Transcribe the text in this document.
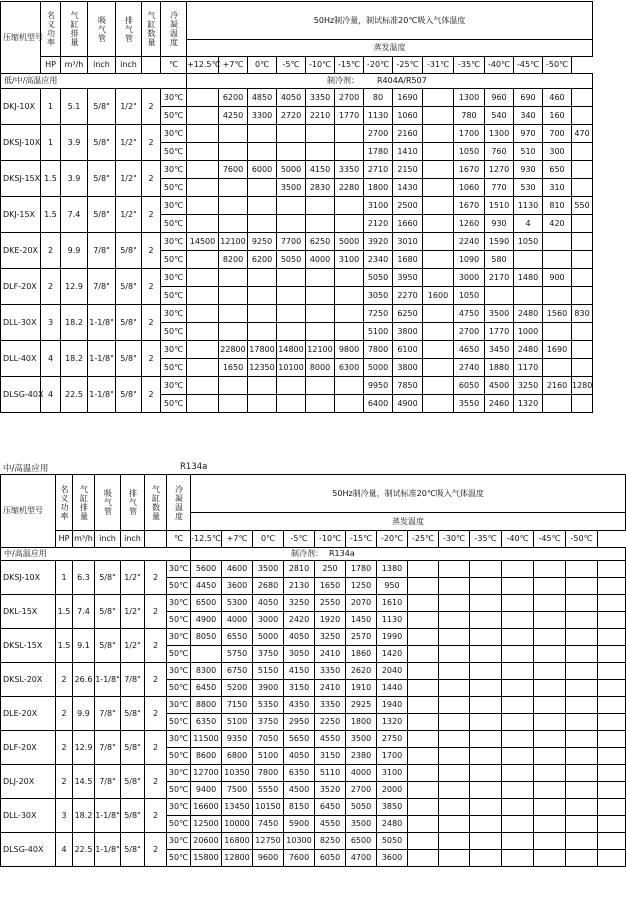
压缩机型号	名义功率	气缸排量	吸气管	排气管	气缸数量	冷凝温度	50Hz制冷量，制试标准20℃吸入气体温度													
							蒸发温度													
	HP	m³/h	inch	inch		℃	+12.5℃	+7℃	0℃	-5℃	-10℃	-15℃	-20℃	-25℃	-31℃	-35℃	-40℃	-45℃	-50℃	
低/中/高温应用							制冷剂： R404A/R507													
DKJ-10X	1	5.1	5/8"	1/2"	2	30℃		6200	4850	4050	3350	2700	80	1690		1300	960	690	460	
						50℃		4250	3300	2720	2210	1770	1130	1060		780	540	340	160	
DKSJ-10X	1	3.9	5/8"	1/2"	2	30℃							2700	2160		1700	1300	970	700	470
						50℃							1780	1410		1050	760	510	300	
DKSJ-15X	1.5	3.9	5/8"	1/2"	2	30℃		7600	6000	5000	4150	3350	2710	2150		1670	1270	930	650	
						50℃				3500	2830	2280	1800	1430		1060	770	530	310	
DKJ-15X	1.5	7.4	5/8"	1/2"	2	30℃							3100	2500		1670	1510	1130	810	550
						50℃							2120	1660		1260	930	4	420	
DKE-20X	2	9.9	7/8"	5/8"	2	30℃	14500	12100	9250	7700	6250	5000	3920	3010		2240	1590	1050		
						50℃		8200	6200	5050	4000	3100	2340	1680		1090	580			
DLF-20X	2	12.9	7/8"	5/8"	2	30℃							5050	3950		3000	2170	1480	900	
						50℃							3050	2270	1600	1050				
DLL-30X	3	18.2	1-1/8"	5/8"	2	30℃							7250	6250		4750	3500	2480	1560	830
						50℃							5100	3800		2700	1770	1000		
DLL-40X	4	18.2	1-1/8"	5/8"	2	30℃		22800	17800	14800	12100	9800	7800	6100		4650	3450	2480	1690	
						50℃		1650	12350	10100	8000	6300	5000	3800		2740	1880	1170		
DLSG-40X	4	22.5	1-1/8"	5/8"	2	30℃							9950	7850		6050	4500	3250	2160	1280
						50℃							6400	4900		3550	2460	1320		
中/高温应用	R134a
压缩机型号	名义功率	气缸排量	吸气管	排气管	气缸数量	冷凝温度	50Hz制冷量，制试标准20℃吸入气体温度													
							蒸发温度													
	HP	m³/h	inch	inch		℃	-12.5℃	+7℃	0℃	-5℃	-10℃	-15℃	-20℃	-25℃	-30℃	-35℃	-40℃	-45℃	-50℃	
中/高温应用							制冷剂： R134a													
DKSJ-10X	1	6.3	5/8"	1/2"	2	30℃	5600	4600	3500	2810	250	1780	1380							
						50℃	4450	3600	2680	2130	1650	1250	950							
DKL-15X	1.5	7.4	5/8"	1/2"	2	30℃	6500	5300	4050	3250	2550	2070	1610							
						50℃	4900	4000	3000	2420	1920	1450	1130							
DKSL-15X	1.5	9.1	5/8"	1/2"	2	30℃	8050	6550	5000	4050	3250	2570	1990							
						50℃		5750	3750	3050	2410	1860	1420							
DKSL-20X	2	26.6	1-1/8"	7/8"	2	30℃	8300	6750	5150	4150	3350	2620	2040							
						50℃	6450	5200	3900	3150	2410	1910	1440							
DLE-20X	2	9.9	7/8"	5/8"	2	30℃	8800	7150	5350	4350	3350	2925	1940							
						50℃	6350	5100	3750	2950	2250	1800	1320							
DLF-20X	2	12.9	7/8"	5/8"	2	30℃	11500	9350	7050	5650	4550	3500	2750							
						50℃	8600	6800	5100	4050	3150	2380	1700							
DLJ-20X	2	14.5	7/8"	5/8"	2	30℃	12700	10350	7800	6350	5110	4000	3100							
						50℃	9400	7500	5550	4500	3520	2700	2000							
DLL-30X	3	18.2	1-1/8"	5/8"	2	30℃	16600	13450	10150	8150	6450	5050	3850							
						50℃	12500	10000	7450	5900	4550	3500	2480							
DLSG-40X	4	22.5	1-1/8"	5/8"	2	30℃	20600	16800	12750	10300	8250	6500	5050							
						50℃	15800	12800	9600	7600	6050	4700	3600							
